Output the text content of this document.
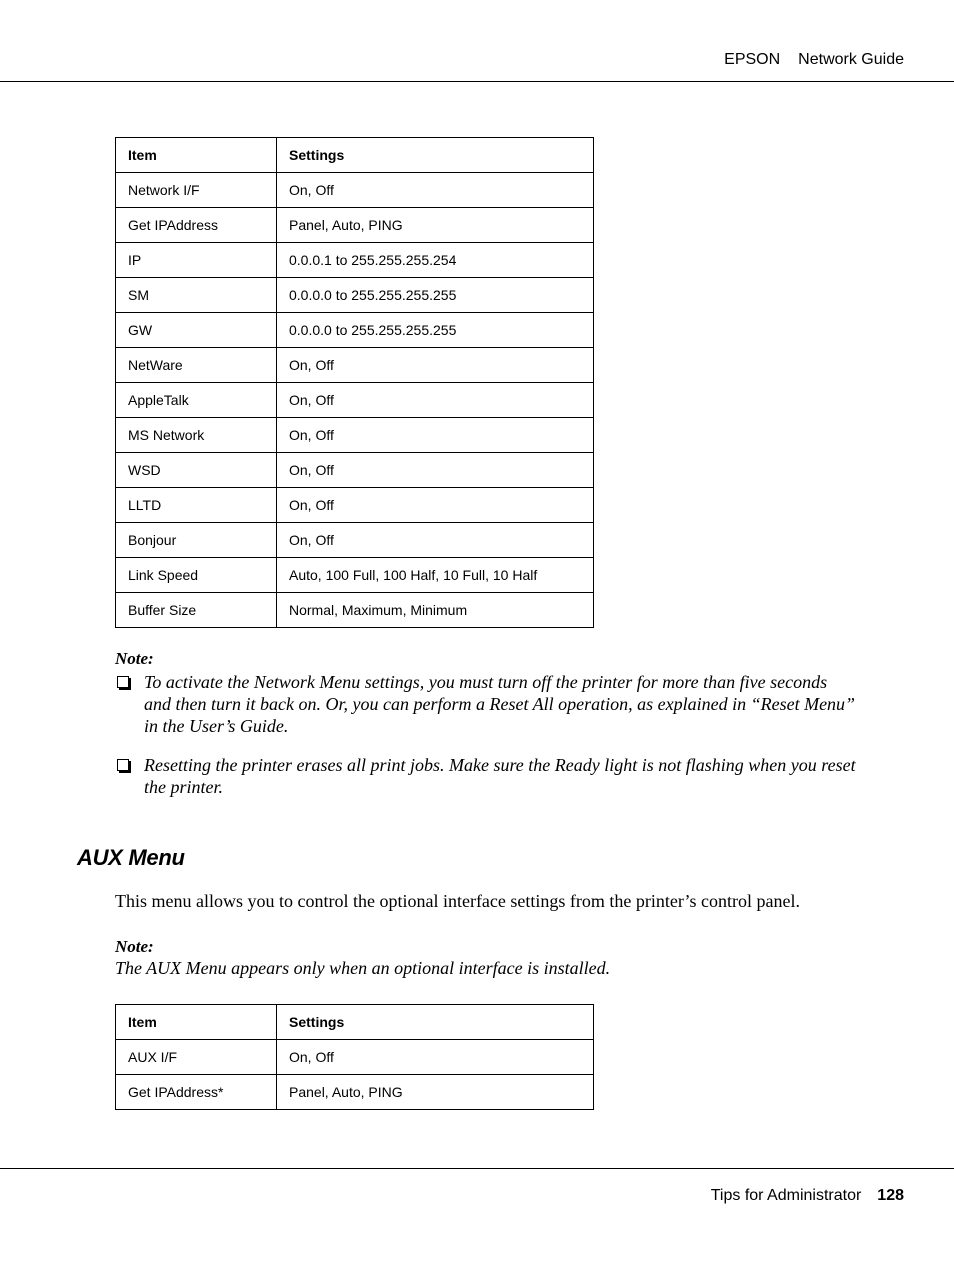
EPSON Network Guide
Item	Settings
Network I/F	On, Off
Get IPAddress	Panel, Auto, PING
IP	0.0.0.1 to 255.255.255.254
SM	0.0.0.0 to 255.255.255.255
GW	0.0.0.0 to 255.255.255.255
NetWare	On, Off
AppleTalk	On, Off
MS Network	On, Off
WSD	On, Off
LLTD	On, Off
Bonjour	On, Off
Link Speed	Auto, 100 Full, 100 Half, 10 Full, 10 Half
Buffer Size	Normal, Maximum, Minimum
Note:
To activate the Network Menu settings, you must turn off the printer for more than five seconds
and then turn it back on. Or, you can perform a Reset All operation, as explained in “Reset Menu”
in the User’s Guide.
Resetting the printer erases all print jobs. Make sure the Ready light is not flashing when you reset
the printer.
AUX Menu
This menu allows you to control the optional interface settings from the printer’s control panel.
Note:
The AUX Menu appears only when an optional interface is installed.
Item	Settings
AUX I/F	On, Off
Get IPAddress*	Panel, Auto, PING
Tips for Administrator 128
